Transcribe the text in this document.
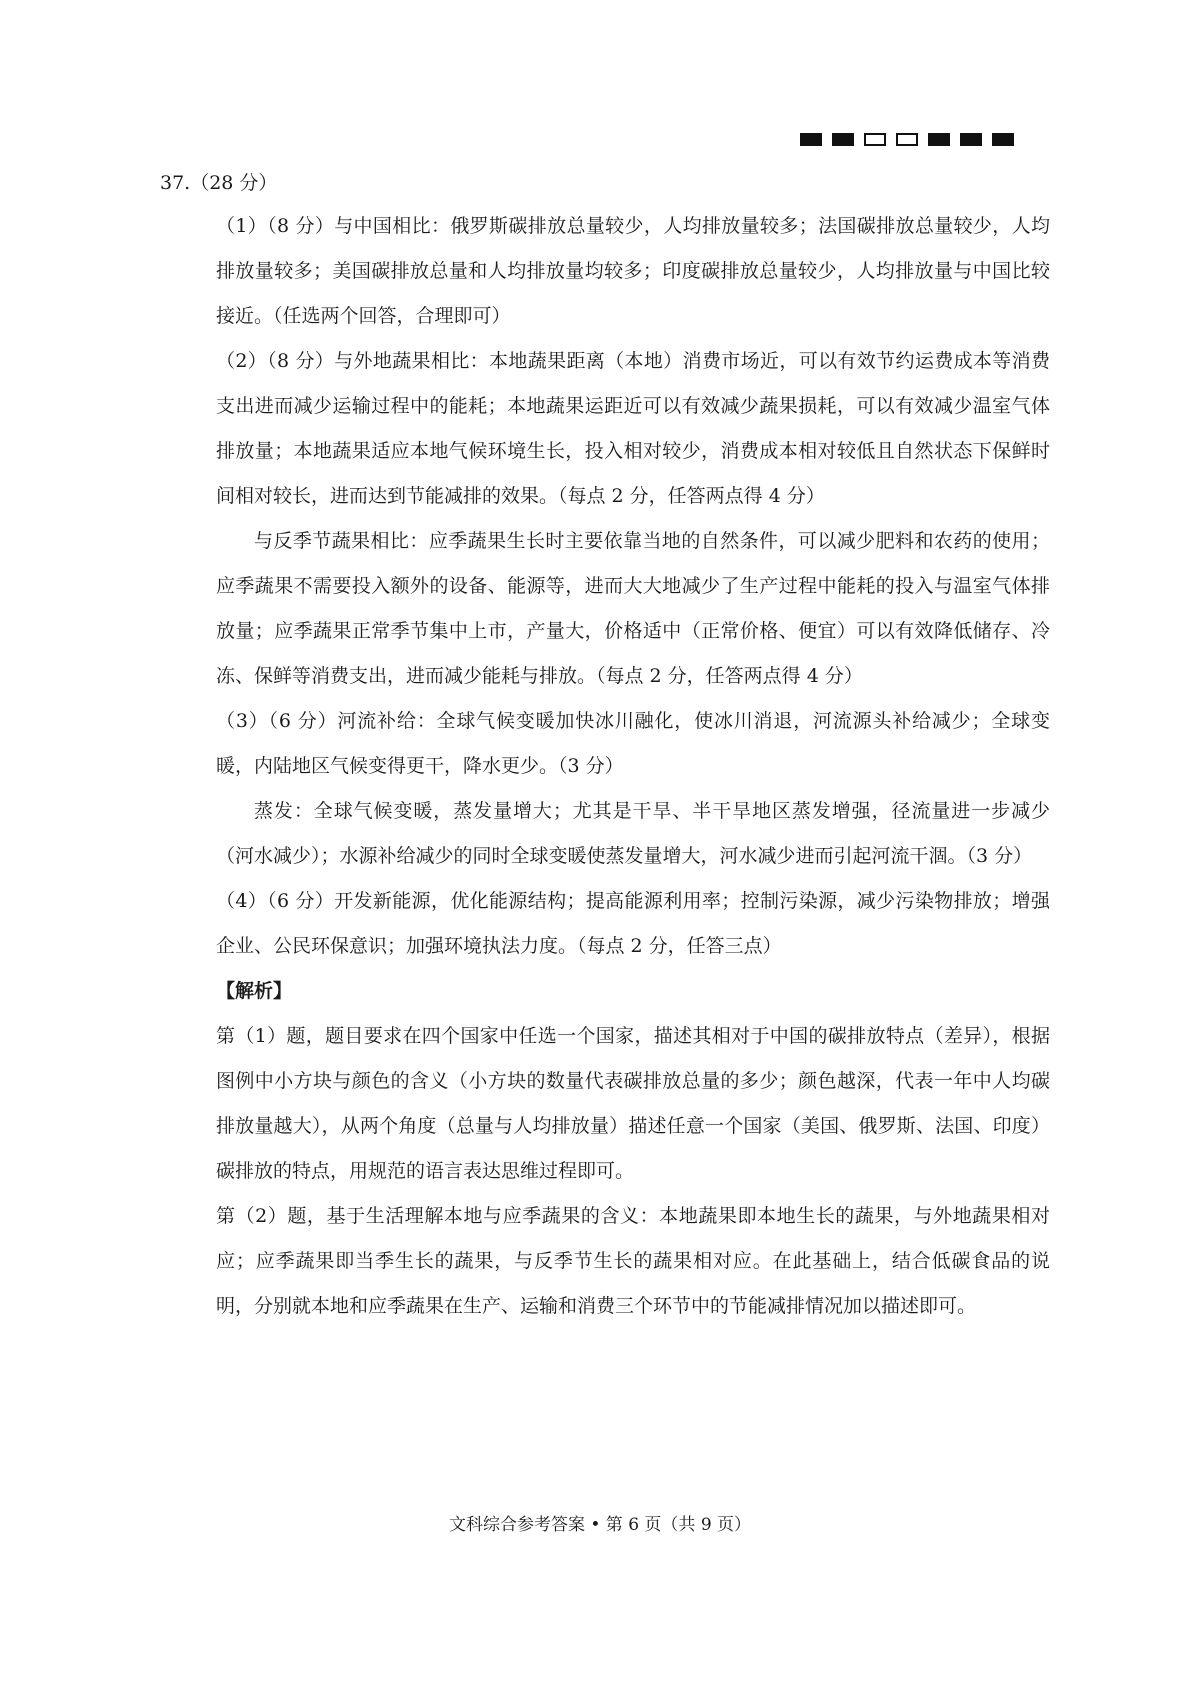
37.（28 分）

（1）（8 分）与中国相比：俄罗斯碳排放总量较少，人均排放量较多；法国碳排放总量较少，人均排放量较多；美国碳排放总量和人均排放量均较多；印度碳排放总量较少，人均排放量与中国比较接近。（任选两个回答，合理即可）

（2）（8 分）与外地蔬果相比：本地蔬果距离（本地）消费市场近，可以有效节约运费成本等消费支出进而减少运输过程中的能耗；本地蔬果运距近可以有效减少蔬果损耗，可以有效减少温室气体排放量；本地蔬果适应本地气候环境生长，投入相对较少，消费成本相对较低且自然状态下保鲜时间相对较长，进而达到节能减排的效果。（每点 2 分，任答两点得 4 分）

与反季节蔬果相比：应季蔬果生长时主要依靠当地的自然条件，可以减少肥料和农药的使用；应季蔬果不需要投入额外的设备、能源等，进而大大地减少了生产过程中能耗的投入与温室气体排放量；应季蔬果正常季节集中上市，产量大，价格适中（正常价格、便宜）可以有效降低储存、冷冻、保鲜等消费支出，进而减少能耗与排放。（每点 2 分，任答两点得 4 分）

（3）（6 分）河流补给：全球气候变暖加快冰川融化，使冰川消退，河流源头补给减少；全球变暖，内陆地区气候变得更干，降水更少。（3 分）

蒸发：全球气候变暖，蒸发量增大；尤其是干旱、半干旱地区蒸发增强，径流量进一步减少（河水减少）；水源补给减少的同时全球变暖使蒸发量增大，河水减少进而引起河流干涸。（3 分）

（4）（6 分）开发新能源，优化能源结构；提高能源利用率；控制污染源，减少污染物排放；增强企业、公民环保意识；加强环境执法力度。（每点 2 分，任答三点）

【解析】

第（1）题，题目要求在四个国家中任选一个国家，描述其相对于中国的碳排放特点（差异），根据图例中小方块与颜色的含义（小方块的数量代表碳排放总量的多少；颜色越深，代表一年中人均碳排放量越大），从两个角度（总量与人均排放量）描述任意一个国家（美国、俄罗斯、法国、印度）碳排放的特点，用规范的语言表达思维过程即可。

第（2）题，基于生活理解本地与应季蔬果的含义：本地蔬果即本地生长的蔬果，与外地蔬果相对应；应季蔬果即当季生长的蔬果，与反季节生长的蔬果相对应。在此基础上，结合低碳食品的说明，分别就本地和应季蔬果在生产、运输和消费三个环节中的节能减排情况加以描述即可。

文科综合参考答案 • 第 6 页（共 9 页）
